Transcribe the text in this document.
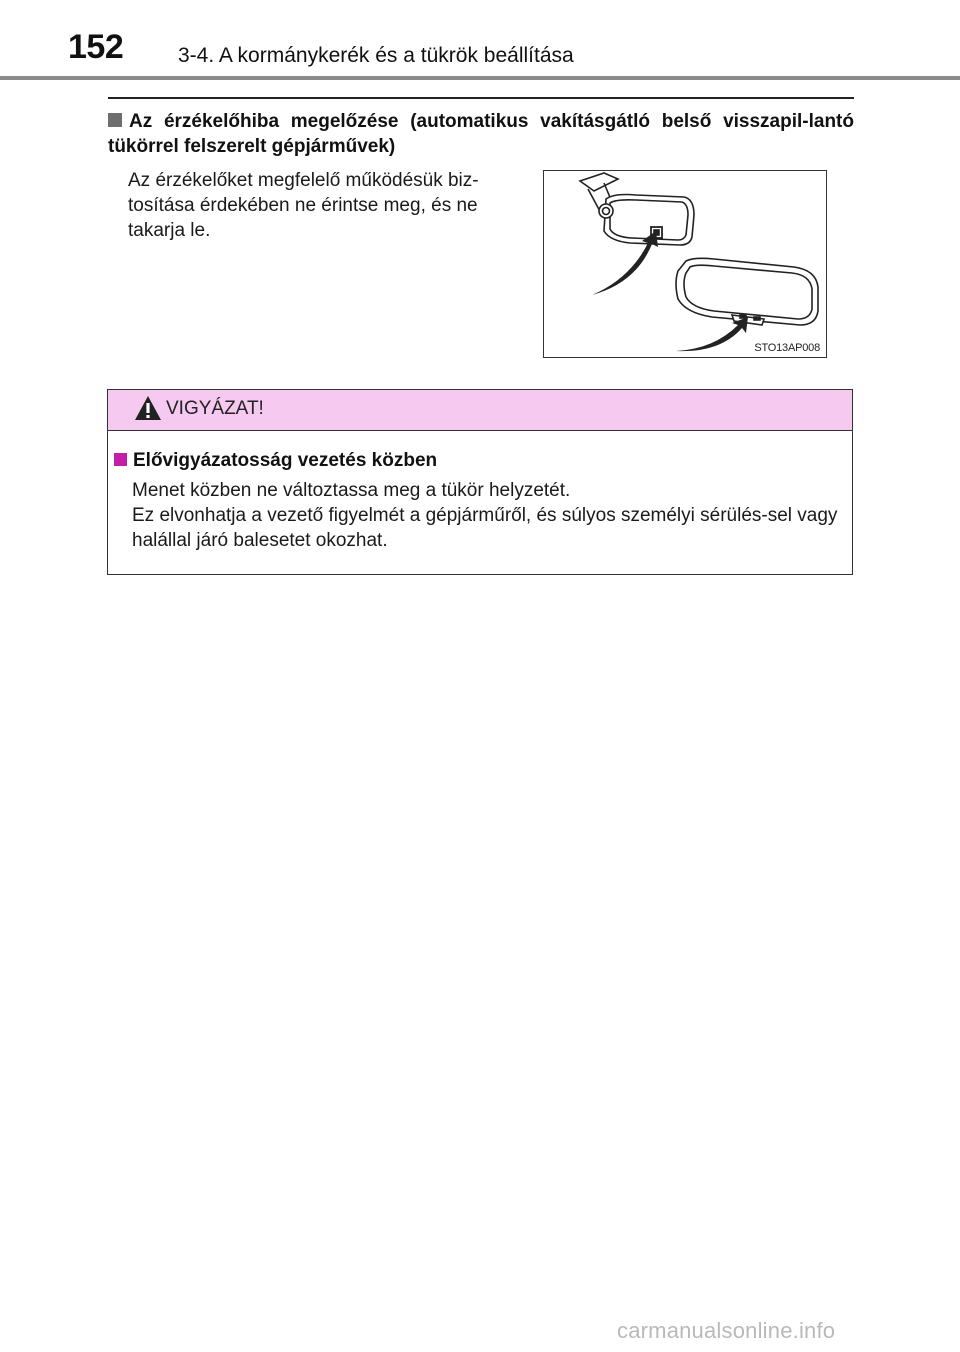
152	3-4. A kormánykerék és a tükrök beállítása
Az érzékelőhiba megelőzése (automatikus vakításgátló belső visszapil-lantó tükörrel felszerelt gépjárművek)
Az érzékelőket megfelelő működésük biz-tosítása érdekében ne érintse meg, és ne takarja le.
STO13AP008
VIGYÁZAT!
Elővigyázatosság vezetés közben

Menet közben ne változtassa meg a tükör helyzetét.

Ez elvonhatja a vezető figyelmét a gépjárműről, és súlyos személyi sérülés-sel vagy halállal járó balesetet okozhat.

carmanualsonline.info
